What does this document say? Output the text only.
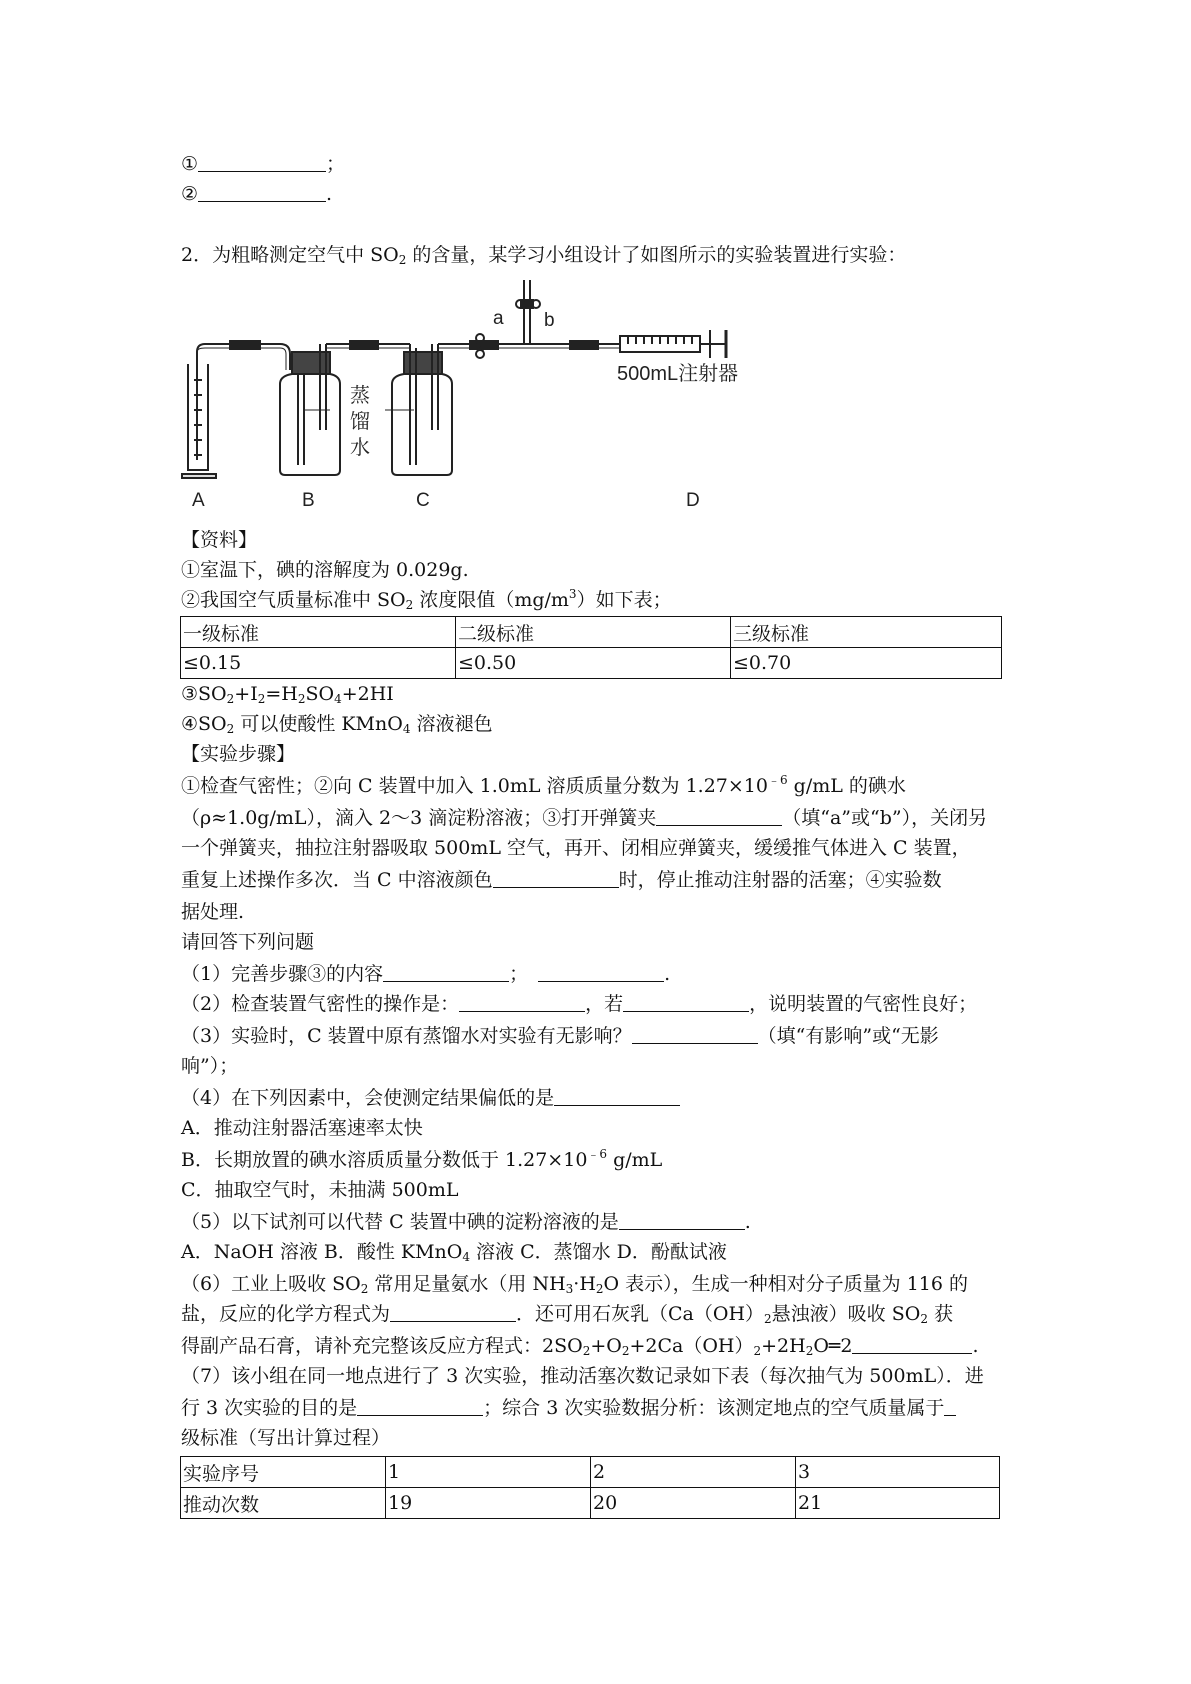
①	；
②	.
2．为粗略测定空气中 $SO_2$ 的含量，某学习小组设计了如图所示的实验装置进行实验：
A	B	C	D
a b
500mL注射器
蒸
馏
水
【资料】
①室温下，碘的溶解度为 0.029g.
②我国空气质量标准中 $SO_2$ 浓度限值$(mg/m^3)$如下表；
一级标准	二级标准	三级标准
≤0.15	≤0.50	≤0.70
$③SO_2+I_2=H_2SO_4+2HI$
$④SO_2$ 可以使酸性 KMnO$_4$ 溶液褪色
【实验步骤】
①检查气密性；②向 C 装置中加入 1.0mL 溶质质量分数为 $1.27\times 10^{﹣6}$ g/mL 的碘水
（ρ≈1.0g/mL），滴入 2～3 滴淀粉溶液；③打开弹簧夹	（填“a”或“b”），关闭另
一个弹簧夹，抽拉注射器吸取 500mL 空气，再开、闭相应弹簧夹，缓缓推气体进入 C 装置，
重复上述操作多次．当 C 中溶液颜色	时，停止推动注射器的活塞；④实验数
据处理.
请回答下列问题
（1）完善步骤③的内容	；	.
（2）检查装置气密性的操作是：	，若	，说明装置的气密性良好；
（3）实验时，C 装置中原有蒸馏水对实验有无影响？	（填“有影响”或“无影
响”）；
（4）在下列因素中，会使测定结果偏低的是
A．推动注射器活塞速率太快
B．长期放置的碘水溶质质量分数低于 $1.27\times 10^{﹣6}$ g/mL
C．抽取空气时，未抽满 500mL
（5）以下试剂可以代替 C 装置中碘的淀粉溶液的是	.
A．NaOH 溶液 B．酸性 KMnO$_4$ 溶液 C．蒸馏水 D．酚酞试液
（6）工业上吸收 $SO_2$ 常用足量氨水（用 $NH_3\cdot H_2O$ 表示），生成一种相对分子质量为 116 的
盐，反应的化学方程式为	．还可用石灰乳（$Ca(OH)_2$悬浊液）吸收 $SO_2$ 获
得副产品石膏，请补充完整该反应方程式：$2SO_2+O_2+2Ca(OH)_2+2H_2O═2$	.
（7）该小组在同一地点进行了 3 次实验，推动活塞次数记录如下表（每次抽气为 500mL）．进
行 3 次实验的目的是	；综合 3 次实验数据分析：该测定地点的空气质量属于
级标准（写出计算过程）
实验序号	1	2	3
推动次数	19	20	21
